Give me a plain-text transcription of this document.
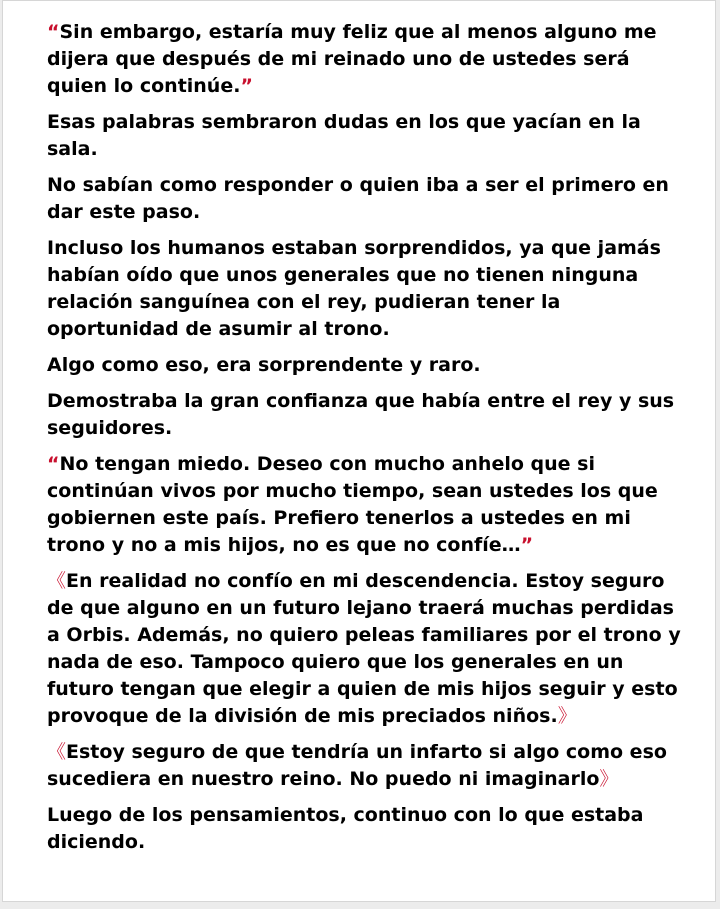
“Sin embargo, estaría muy feliz que al menos alguno me dijera que después de mi reinado uno de ustedes será quien lo continúe.”

Esas palabras sembraron dudas en los que yacían en la sala.

No sabían como responder o quien iba a ser el primero en dar este paso.

Incluso los humanos estaban sorprendidos, ya que jamás habían oído que unos generales que no tienen ninguna relación sanguínea con el rey, pudieran tener la oportunidad de asumir al trono.

Algo como eso, era sorprendente y raro.

Demostraba la gran confianza que había entre el rey y sus seguidores.

“No tengan miedo. Deseo con mucho anhelo que si continúan vivos por mucho tiempo, sean ustedes los que gobiernen este país. Prefiero tenerlos a ustedes en mi trono y no a mis hijos, no es que no confíe…”

《En realidad no confío en mi descendencia. Estoy seguro de que alguno en un futuro lejano traerá muchas perdidas a Orbis. Además, no quiero peleas familiares por el trono y nada de eso. Tampoco quiero que los generales en un futuro tengan que elegir a quien de mis hijos seguir y esto provoque de la división de mis preciados niños.》

《Estoy seguro de que tendría un infarto si algo como eso sucediera en nuestro reino. No puedo ni imaginarlo》

Luego de los pensamientos, continuo con lo que estaba diciendo.
